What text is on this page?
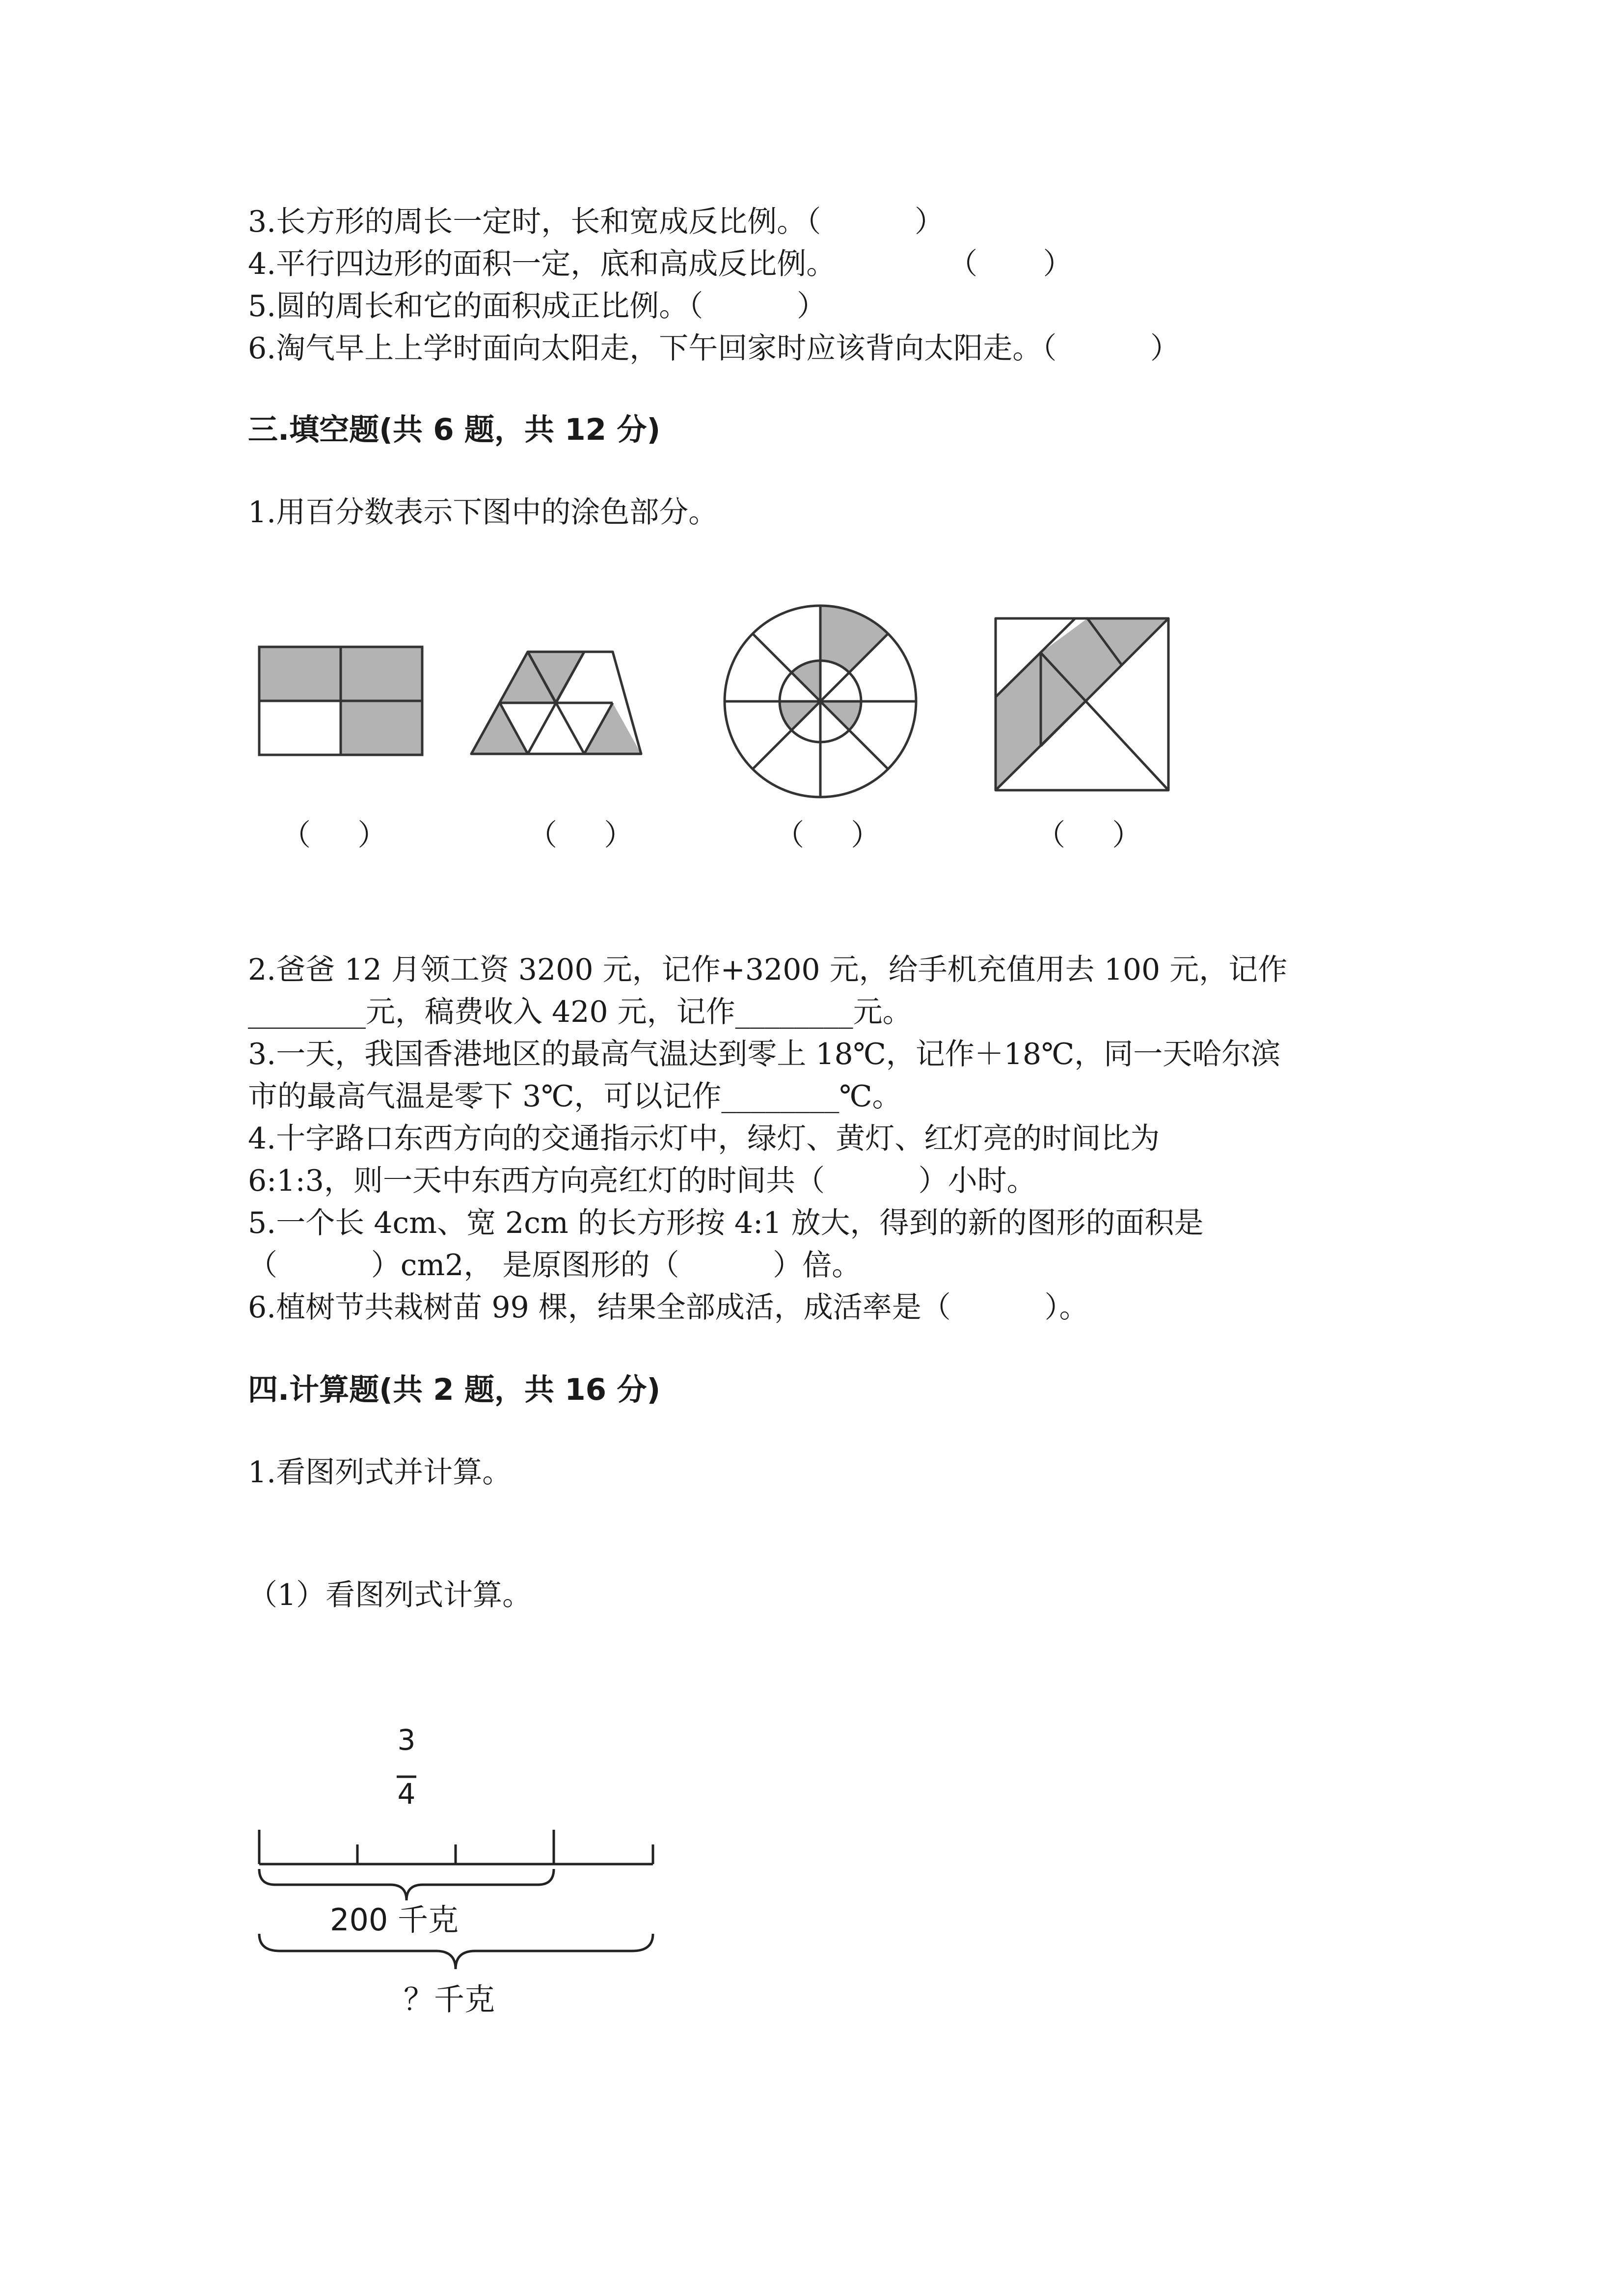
3.长方形的周长一定时，长和宽成反比例。（          ）
4.平行四边形的面积一定，底和高成反比例。            （       ）
5.圆的周长和它的面积成正比例。（          ）
6.淘气早上上学时面向太阳走，下午回家时应该背向太阳走。（          ）
三.填空题(共 6 题，共 12 分)
1.用百分数表示下图中的涂色部分。
（     ）	（     ）	（     ）	（     ）
2.爸爸 12 月领工资 3200 元，记作+3200 元，给手机充值用去 100 元，记作
________元，稿费收入 420 元，记作________元。
3.一天，我国香港地区的最高气温达到零上 18℃，记作＋18℃，同一天哈尔滨
市的最高气温是零下 3℃，可以记作________℃。
4.十字路口东西方向的交通指示灯中，绿灯、黄灯、红灯亮的时间比为
6:1:3，则一天中东西方向亮红灯的时间共（          ）小时。
5.一个长 4cm、宽 2cm 的长方形按 4:1 放大，得到的新的图形的面积是
（          ）cm2， 是原图形的（          ）倍。
6.植树节共栽树苗 99 棵，结果全部成活，成活率是（          ）。
四.计算题(共 2 题，共 16 分)
1.看图列式并计算。
（1）看图列式计算。
3
4
200 千克
？千克
